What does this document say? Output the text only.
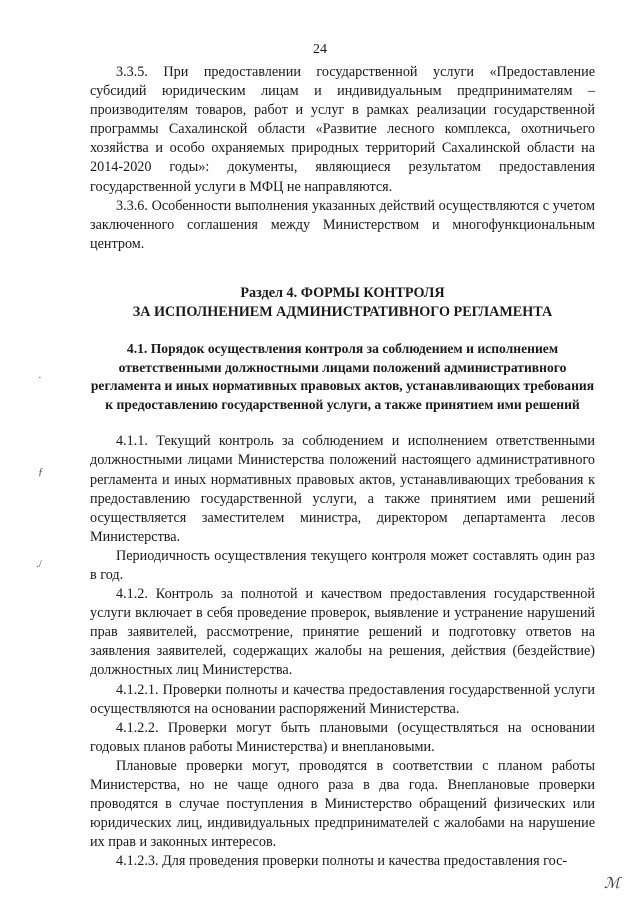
24

3.3.5. При предоставлении государственной услуги «Предоставление субсидий юридическим лицам и индивидуальным предпринимателям – производителям товаров, работ и услуг в рамках реализации государственной программы Сахалинской области «Развитие лесного комплекса, охотничьего хозяйства и особо охраняемых природных территорий Сахалинской области на 2014-2020 годы»: документы, являющиеся результатом предоставления государственной услуги в МФЦ не направляются.

3.3.6. Особенности выполнения указанных действий осуществляются с учетом заключенного соглашения между Министерством и многофункциональным центром.

Раздел 4. ФОРМЫ КОНТРОЛЯ
ЗА ИСПОЛНЕНИЕМ АДМИНИСТРАТИВНОГО РЕГЛАМЕНТА
4.1. Порядок осуществления контроля за соблюдением и исполнением ответственными должностными лицами положений административного регламента и иных нормативных правовых актов, устанавливающих требования к предоставлению государственной услуги, а также принятием ими решений

4.1.1. Текущий контроль за соблюдением и исполнением ответственными должностными лицами Министерства положений настоящего административного регламента и иных нормативных правовых актов, устанавливающих требования к предоставлению государственной услуги, а также принятием ими решений осуществляется заместителем министра, директором департамента лесов Министерства.

Периодичность осуществления текущего контроля может составлять один раз в год.

4.1.2. Контроль за полнотой и качеством предоставления государственной услуги включает в себя проведение проверок, выявление и устранение нарушений прав заявителей, рассмотрение, принятие решений и подготовку ответов на заявления заявителей, содержащих жалобы на решения, действия (бездействие) должностных лиц Министерства.

4.1.2.1. Проверки полноты и качества предоставления государственной услуги осуществляются на основании распоряжений Министерства.

4.1.2.2. Проверки могут быть плановыми (осуществляться на основании годовых планов работы Министерства) и внеплановыми.

Плановые проверки могут, проводятся в соответствии с планом работы Министерства, но не чаще одного раза в два года. Внеплановые проверки проводятся в случае поступления в Министерство обращений физических или юридических лиц, индивидуальных предпринимателей с жалобами на нарушение их прав и законных интересов.

4.1.2.3. Для проведения проверки полноты и качества предоставления гос-

·
ƒ
./
ℳ
